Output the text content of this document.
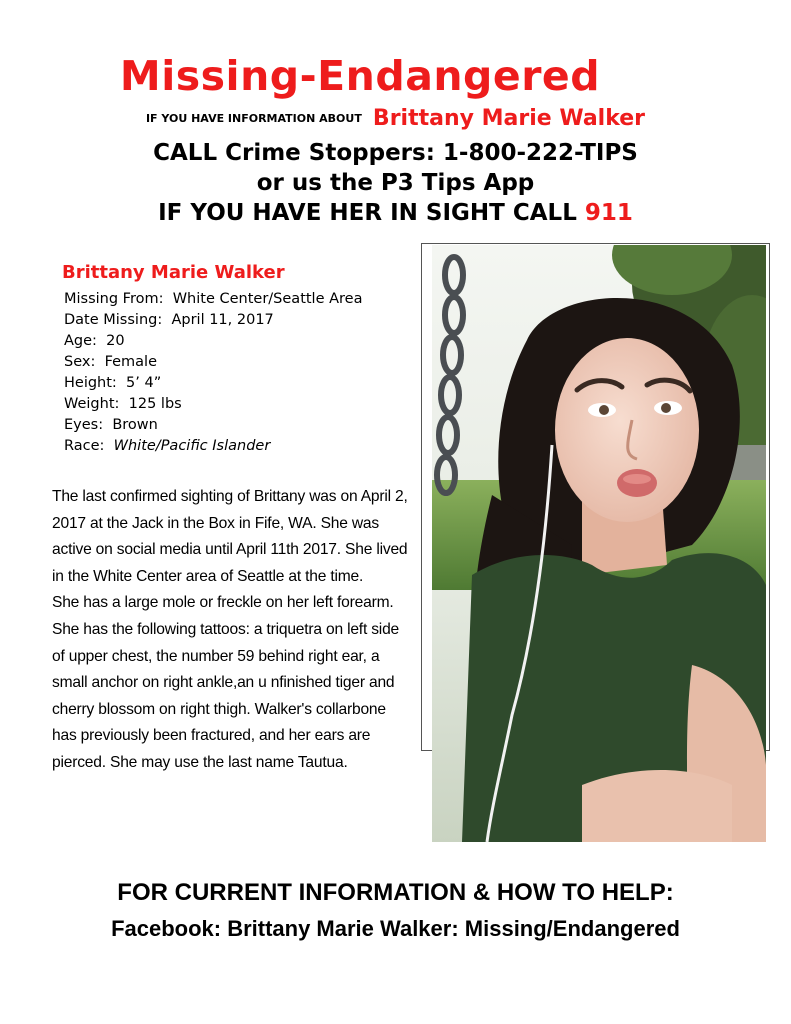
Missing-Endangered
IF YOU HAVE INFORMATION ABOUT Brittany Marie Walker
CALL Crime Stoppers: 1-800-222-TIPS
or us the P3 Tips App
IF YOU HAVE HER IN SIGHT CALL 911
Brittany Marie Walker
Missing From: White Center/Seattle Area
Date Missing: April 11, 2017
Age: 20
Sex: Female
Height: 5’ 4”
Weight: 125 lbs
Eyes: Brown
Race: White/Pacific Islander

The last confirmed sighting of Brittany was on April 2, 2017 at the Jack in the Box in Fife, WA. She was active on social media until April 11th 2017. She lived in the White Center area of Seattle at the time.

She has a large mole or freckle on her left forearm. She has the following tattoos: a triquetra on left side of upper chest, the number 59 behind right ear, a small anchor on right ankle,an u nfinished tiger and cherry blossom on right thigh. Walker's collarbone has previously been fractured, and her ears are pierced. She may use the last name Tautua.

FOR CURRENT INFORMATION & HOW TO HELP:
Facebook: Brittany Marie Walker: Missing/Endangered
